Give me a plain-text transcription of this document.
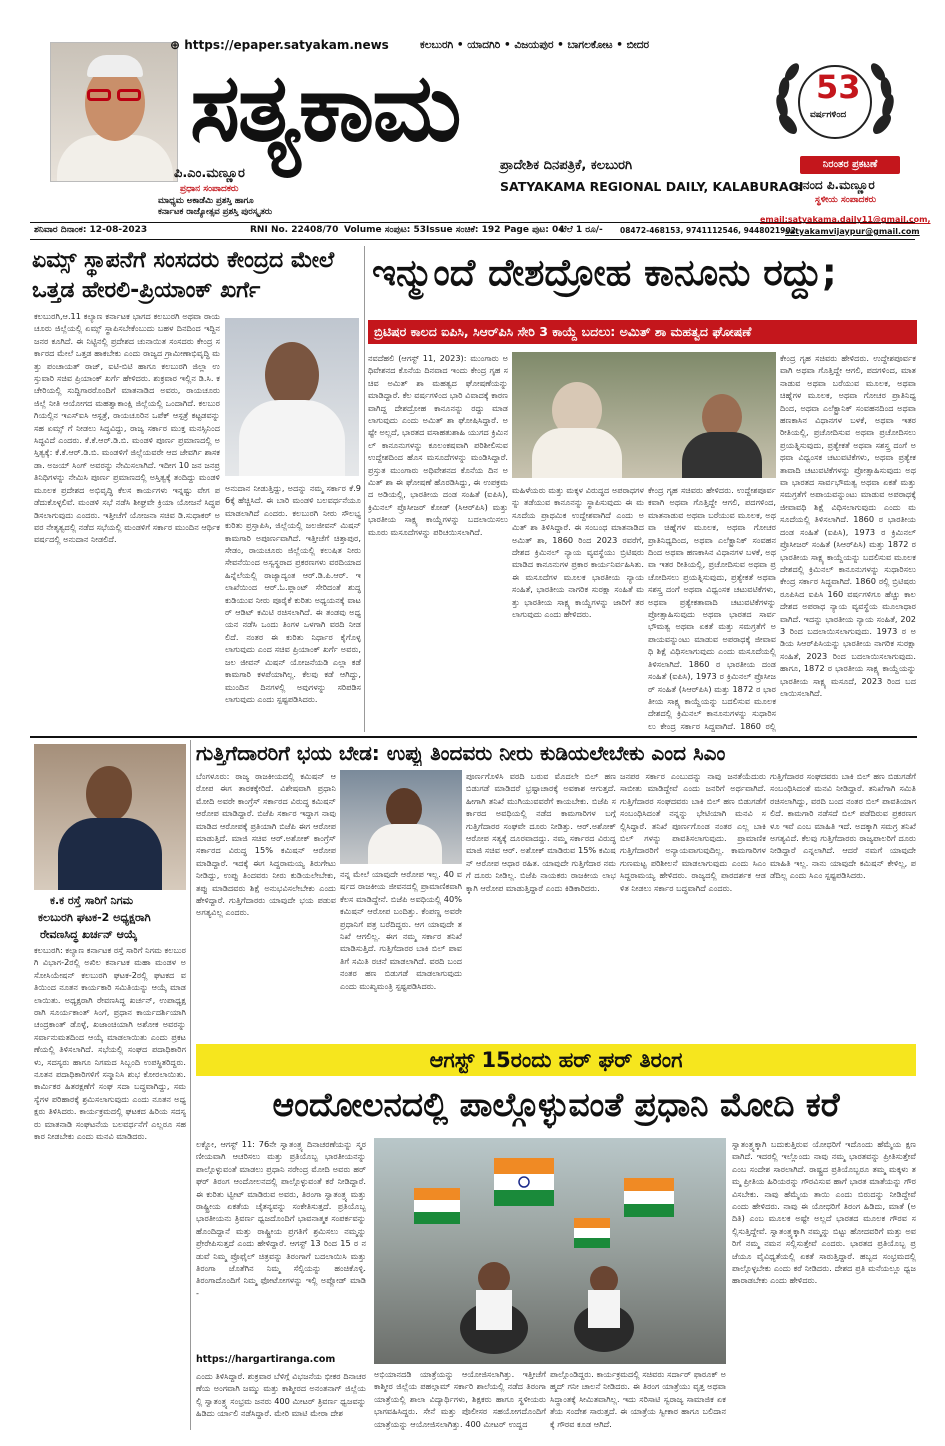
⊕ https://epaper.satyakam.news	ಕಲಬುರಗಿ • ಯಾದಗಿರಿ • ವಿಜಯಪುರ • ಬಾಗಲಕೋಟ • ಬೀದರ
ಸತ್ಯಕಾಮ
ಪ್ರಾದೇಶಿಕ ದಿನಪತ್ರಿಕೆ, ಕಲಬುರಗಿ
SATYAKAMA REGIONAL DAILY, KALABURAGI
ಪಿ.ಎಂ.ಮಣ್ಣೂರ
ಪ್ರಧಾನ ಸಂಪಾದಕರು
ಮಾಧ್ಯಮ ಅಕಾಡೆಮಿ ಪ್ರಶಸ್ತಿ ಹಾಗೂ
ಕರ್ನಾಟಕ ರಾಜ್ಯೋತ್ಸವ ಪ್ರಶಸ್ತಿ ಪುರಸ್ಕೃತರು
53
ವರ್ಷಗಳಿಂದ
ನಿರಂತರ ಪ್ರಕಟಣೆ
ಆನಂದ ಪಿ.ಮಣ್ಣೂರ
ಸ್ಥಳೀಯ ಸಂಪಾದಕರು
email:satyakama.daily11@gmail.com,
satyakamvijaypur@gmail.com
ಶನಿವಾರ ದಿನಾಂಕ: 12-08-2023	RNI No. 22408/70 Volume ಸಂಪುಟ: 53 Issue ಸಂಚಿಕೆ: 192 Page ಪುಟ: 04
ಬೆಲೆ 1 ರೂ/- 08472-468153, 9741112546, 9448021902
ಏಮ್ಸ್ ಸ್ಥಾಪನೆಗೆ ಸಂಸದರು ಕೇಂದ್ರದ ಮೇಲೆ ಒತ್ತಡ ಹೇರಲಿ-ಪ್ರಿಯಾಂಕ್ ಖರ್ಗೆ
ಕಲಬುರಗಿ,ಆ.11 ಕಲ್ಯಾಣ ಕರ್ನಾಟಕ ಭಾಗದ ಕಲಬುರಗಿ ಅಥವಾ ರಾಯಚೂರು ಜಿಲ್ಲೆಯಲ್ಲಿ ಏಮ್ಸ್ ಸ್ಥಾಪಿಸಬೇಕೆಂಬುದು ಬಹಳ ದಿನದಿಂದ ಇದ್ದಿನ ಜನರ ಕೂಗಿದೆ. ಈ ನಿಟ್ಟಿನಲ್ಲಿ ಪ್ರದೇಶದ ಚುನಾಯಿತ ಸಂಸದರು ಕೇಂದ್ರ ಸರ್ಕಾರದ ಮೇಲೆ ಒತ್ತಡ ಹಾಕಬೇಕು ಎಂದು ರಾಜ್ಯದ ಗ್ರಾಮೀಣಾಭಿವೃದ್ಧಿ ಮತ್ತು ಪಂಚಾಯತ್ ರಾಜ್, ಐಟಿ-ಬಿಟಿ ಹಾಗೂ ಕಲಬುರಗಿ ಜಿಲ್ಲಾ ಉಸ್ತುವಾರಿ ಸಚಿವ ಪ್ರಿಯಾಂಕ್ ಖರ್ಗೆ ಹೇಳಿದರು. ಶುಕ್ರವಾರ ಇಲ್ಲಿನ ಡಿ.ಸಿ. ಕಚೇರಿಯಲ್ಲಿ ಸುದ್ದಿಗಾರರೊಂದಿಗೆ ಮಾತನಾಡಿದ ಅವರು, ರಾಯಚೂರು ಜಿಲ್ಲೆ ನೀತಿ ಆಯೋಗದ ಮಹತ್ವಾಕಾಂಕ್ಷಿ ಜಿಲ್ಲೆಯಲ್ಲಿ ಒಂದಾಗಿದೆ. ಕಲಬುರಗಿಯಲ್ಲಿನ ಇಎಸ್‍ಐಸಿ ಆಸ್ಪತ್ರೆ, ರಾಯಚೂರಿನ ಒಪೆಕ್ ಆಸ್ಪತ್ರೆ ಕಟ್ಟಡವನ್ನು ಸಹ ಏಮ್ಸ್ ಗೆ ನೀಡಲು ಸಿದ್ಧವಿದ್ದು, ರಾಜ್ಯ ಸರ್ಕಾರ ಮುಕ್ತ ಮನಸ್ಸಿನಿಂದ ಸಿದ್ಧವಿದೆ ಎಂದರು. ಕೆ.ಕೆ.ಆರ್.ಡಿ.ಬಿ. ಮಂಡಳಿ ಪೂರ್ಣ ಪ್ರಮಾಣದಲ್ಲಿ ಅಸ್ತಿತ್ವಕ್ಕೆ: ಕೆ.ಕೆ.ಆರ್.ಡಿ.ಬಿ. ಮಂಡಳಿಗೆ ಜಿಲ್ಲೆಯವರೇ ಆದ ಜೇವರ್ಗಿ ಶಾಸಕ ಡಾ. ಅಜಯ್ ಸಿಂಗ್ ಅವರನ್ನು ನೇಮಿಸಲಾಗಿದೆ. ಇದೀಗ 10 ಜನ ಜನಪ್ರತಿನಿಧಿಗಳನ್ನು ನೇಮಿಸಿ ಪೂರ್ಣ ಪ್ರಮಾಣದಲ್ಲಿ ಅಸ್ತಿತ್ವಕ್ಕೆ ತಂದಿದ್ದು ಮಂಡಳಿ ಮೂಲಕ ಪ್ರದೇಶದ ಅಭಿವೃದ್ಧಿ ಕೆಲಸ ಕಾರ್ಯಗಳು ಇನ್ನಷ್ಟು ವೇಗ ಪಡೆದುಕೊಳ್ಳಲಿವೆ. ಮಂಡಳಿ ಸಭೆ ನಡೆಸಿ ಶೀಘ್ರವೇ ಕ್ರಿಯಾ ಯೋಜನೆ ಸಿದ್ಧಪಡಿಸಲಾಗುವುದು ಎಂದರು. ಇತ್ತೀಚೆಗೆ ಯೋಜನಾ ಸಚಿವ ಡಿ.ಸುಧಾಕರ್ ಅವರ ನೇತೃತ್ವದಲ್ಲಿ ನಡೆದ ಸಭೆಯಲ್ಲಿ ಮಂಡಳಿಗೆ ಸರ್ಕಾರ ಮುಂದಿನ ಆರ್ಥಿಕ ವರ್ಷದಲ್ಲಿ ಅನುದಾನ ನೀಡಲಿದೆ.
ಅನುದಾನ ನೀಡುತ್ತಿದ್ದು, ಅದನ್ನು ನಮ್ಮ ಸರ್ಕಾರ ಕೆ.96ಕ್ಕೆ ಹೆಚ್ಚಿಸಿದೆ. ಈ ಬಾರಿ ಮಂಡಳಿ ಬಲವರ್ಧನೆಯೂ ಮಾಡಲಾಗಿದೆ ಎಂದರು. ಕಲಬುರಗಿ ನೀರು ಸೌಲಭ್ಯ ಕುರಿತು ಪ್ರಸ್ತಾಪಿಸಿ, ಜಿಲ್ಲೆಯಲ್ಲಿ ಜಲಜೀವನ್ ಮಿಷನ್ ಕಾಮಗಾರಿ ಅಪೂರ್ಣವಾಗಿದೆ. ಇತ್ತೀಚೆಗೆ ಚಿತ್ತಾಪುರ, ಸೇಡಂ, ರಾಯಚೂರು ಜಿಲ್ಲೆಯಲ್ಲಿ ಕಲುಷಿತ ನೀರು ಸೇವನೆಯಿಂದ ಅಸ್ವಸ್ಥರಾದ ಪ್ರಕರಣಗಳು ವರದಿಯಾದ ಹಿನ್ನೆಲೆಯಲ್ಲಿ ರಾಜ್ಯಾದ್ಯಂತ ಆರ್.ಡಿ.ಪಿ.ಆರ್. ಇಲಾಖೆಯಿಂದ ಆರ್.ಓ.ಪ್ಲಾಂಟ್ ಸೇರಿದಂತೆ ಶುದ್ಧ ಕುಡಿಯುವ ನೀರು ಪೂರೈಕೆ ಕುರಿತು ಅಧ್ಯಯನಕ್ಕೆ ವಾಟರ್ ಆಡಿಟ್ ಕಮಿಟಿ ರಚಿಸಲಾಗಿದೆ. ಈ ತಂಡವು ಅಧ್ಯಯನ ನಡೆಸಿ ಒಂದು ತಿಂಗಳ ಒಳಗಾಗಿ ವರದಿ ನೀಡಲಿದೆ. ನಂತರ ಈ ಕುರಿತು ನಿರ್ಧಾರ ಕೈಗೊಳ್ಳಲಾಗುವುದು ಎಂದ ಸಚಿವ ಪ್ರಿಯಾಂಕ್ ಖರ್ಗೆ ಅವರು, ಜಲ ಜೀವನ್ ಮಿಷನ್ ಯೋಜನೆಯಡಿ ಎಲ್ಲಾ ಕಡೆ ಕಾಮಗಾರಿ ಕಳಪೆಯಾಗಿಲ್ಲ. ಕೆಲವು ಕಡೆ ಆಗಿದ್ದು, ಮುಂದಿನ ದಿನಗಳಲ್ಲಿ ಅವುಗಳನ್ನು ಸರಿಪಡಿಸಲಾಗುವುದು ಎಂದು ಸ್ಪಷ್ಟಪಡಿಸಿದರು.
ಇನ್ಮುಂದೆ ದೇಶದ್ರೋಹ ಕಾನೂನು ರದ್ದು;
ಬ್ರಿಟಿಷರ ಕಾಲದ ಐಪಿಸಿ, ಸಿಆರ್‌ಪಿಸಿ ಸೇರಿ 3 ಕಾಯ್ದೆ ಬದಲು: ಅಮಿತ್ ಶಾ ಮಹತ್ವದ ಘೋಷಣೆ
ನವದೆಹಲಿ (ಆಗಸ್ಟ್ 11, 2023): ಮುಂಗಾರು ಅಧಿವೇಶನದ ಕೊನೆಯ ದಿನವಾದ ಇಂದು ಕೇಂದ್ರ ಗೃಹ ಸಚಿವ ಅಮಿತ್ ಶಾ ಮಹತ್ವದ ಘೋಷಣೆಯನ್ನು ಮಾಡಿದ್ದಾರೆ. ಕೆಲ ವರ್ಷಗಳಿಂದ ಭಾರಿ ವಿವಾದಕ್ಕೆ ಕಾರಣವಾಗಿದ್ದ ದೇಶದ್ರೋಹ ಕಾನೂನನ್ನು ರದ್ದು ಮಾಡಲಾಗುವುದು ಎಂದು ಅಮಿತ್ ಶಾ ಘೋಷಿಸಿದ್ದಾರೆ. ಅಷ್ಟೇ ಅಲ್ಲದೆ, ಭಾರತದ ವಸಾಹತುಶಾಹಿ ಯುಗದ ಕ್ರಿಮಿನಲ್ ಕಾನೂನುಗಳನ್ನು ಕೂಲಂಕಷವಾಗಿ ಪರಿಶೀಲಿಸುವ ಉದ್ದೇಶದಿಂದ ಹೊಸ ಮಸೂದೆಗಳನ್ನು ಮಂಡಿಸಿದ್ದಾರೆ. ಪ್ರಸ್ತುತ ಮುಂಗಾರು ಅಧಿವೇಶನದ ಕೊನೆಯ ದಿನ ಅಮಿತ್ ಶಾ ಈ ಘೋಷಣೆ ಹೊರಡಿಸಿದ್ದು, ಈ ಉಪಕ್ರಮದ ಅಡಿಯಲ್ಲಿ, ಭಾರತೀಯ ದಂಡ ಸಂಹಿತೆ (ಐಪಿಸಿ), ಕ್ರಿಮಿನಲ್ ಪ್ರೊಸೀಜರ್ ಕೋಡ್ (ಸಿಆರ್‌ಪಿಸಿ) ಮತ್ತು ಭಾರತೀಯ ಸಾಕ್ಷ್ಯ ಕಾಯ್ದೆಗಳನ್ನು ಬದಲಾಯಿಸಲು ಮೂರು ಮಸೂದೆಗಳನ್ನು ಪರಿಚಯಿಸಲಾಗಿದೆ.
ಮಹಿಳೆಯರು ಮತ್ತು ಮಕ್ಕಳ ವಿರುದ್ಧದ ಅಪರಾಧಗಳನ್ನು ತಡೆಯುವ ಕಾನೂನನ್ನು ಸ್ಥಾಪಿಸುವುದು ಈ ಮಸೂದೆಯ ಪ್ರಾಥಮಿಕ ಉದ್ದೇಶವಾಗಿದೆ ಎಂದು ಅಮಿತ್ ಶಾ ತಿಳಿಸಿದ್ದಾರೆ. ಈ ಸಂಬಂಧ ಮಾತನಾಡಿದ ಅಮಿತ್ ಶಾ, 1860 ರಿಂದ 2023 ರವರೆಗೆ, ದೇಶದ ಕ್ರಿಮಿನಲ್ ನ್ಯಾಯ ವ್ಯವಸ್ಥೆಯು ಬ್ರಿಟಿಷರು ಮಾಡಿದ ಕಾನೂನುಗಳ ಪ್ರಕಾರ ಕಾರ್ಯನಿರ್ವಹಿಸಿತು. ಈ ಮಸೂದೆಗಳ ಮೂಲಕ ಭಾರತೀಯ ನ್ಯಾಯ ಸಂಹಿತೆ, ಭಾರತೀಯ ನಾಗರಿಕ ಸುರಕ್ಷಾ ಸಂಹಿತೆ ಮತ್ತು ಭಾರತೀಯ ಸಾಕ್ಷ್ಯ ಕಾಯ್ದೆಗಳನ್ನು ಜಾರಿಗೆ ತರಲಾಗುವುದು ಎಂದು ಹೇಳಿದರು.
ಕೇಂದ್ರ ಗೃಹ ಸಚಿವರು ಹೇಳಿದರು. ಉದ್ದೇಶಪೂರ್ವಕವಾಗಿ ಅಥವಾ ಗೊತ್ತಿದ್ದೇ ಆಗಲಿ, ಪದಗಳಿಂದ, ಮಾತನಾಡುವ ಅಥವಾ ಬರೆಯುವ ಮೂಲಕ, ಅಥವಾ ಚಿಹ್ನೆಗಳ ಮೂಲಕ, ಅಥವಾ ಗೋಚರ ಪ್ರಾತಿನಿಧ್ಯದಿಂದ, ಅಥವಾ ಎಲೆಕ್ಟ್ರಾನಿಕ್ ಸಂವಹನದಿಂದ ಅಥವಾ ಹಣಕಾಸಿನ ವಿಧಾನಗಳ ಬಳಕೆ, ಅಥವಾ ಇತರ ರೀತಿಯಲ್ಲಿ, ಪ್ರಚೋದಿಸುವ ಅಥವಾ ಪ್ರಚೋದಿಸಲು ಪ್ರಯತ್ನಿಸುವುದು, ಪ್ರತ್ಯೇಕತೆ ಅಥವಾ ಸಶಸ್ತ್ರ ದಂಗೆ ಅಥವಾ ವಿಧ್ವಂಸಕ ಚಟುವಟಿಕೆಗಳು, ಅಥವಾ ಪ್ರತ್ಯೇಕತಾವಾದಿ ಚಟುವಟಿಕೆಗಳನ್ನು ಪ್ರೋತ್ಸಾಹಿಸುವುದು ಅಥವಾ ಭಾರತದ ಸಾರ್ವಭೌಮತ್ವ ಅಥವಾ ಏಕತೆ ಮತ್ತು ಸಮಗ್ರತೆಗೆ ಅಪಾಯವನ್ನುಂಟು ಮಾಡುವ ಅಪರಾಧಕ್ಕೆ ಜೀವಾವಧಿ ಶಿಕ್ಷೆ ವಿಧಿಸಲಾಗುವುದು ಎಂದು ಮಸೂದೆಯಲ್ಲಿ ತಿಳಿಸಲಾಗಿದೆ. 1860 ರ ಭಾರತೀಯ ದಂಡ ಸಂಹಿತೆ (ಐಪಿಸಿ), 1973 ರ ಕ್ರಿಮಿನಲ್ ಪ್ರೊಸೀಜರ್ ಸಂಹಿತೆ (ಸಿಆರ್‌ಪಿಸಿ) ಮತ್ತು 1872 ರ ಭಾರತೀಯ ಸಾಕ್ಷ್ಯ ಕಾಯ್ದೆಯನ್ನು ಬದಲಿಸುವ ಮೂಲಕ ದೇಶದಲ್ಲಿ ಕ್ರಿಮಿನಲ್ ಕಾನೂನುಗಳನ್ನು ಸುಧಾರಿಸಲು ಕೇಂದ್ರ ಸರ್ಕಾರ ಸಿದ್ಧವಾಗಿದೆ. 1860 ರಲ್ಲಿ
ಕೇಂದ್ರ ಗೃಹ ಸಚಿವರು ಹೇಳಿದರು. ಉದ್ದೇಶಪೂರ್ವಕವಾಗಿ ಅಥವಾ ಗೊತ್ತಿದ್ದೇ ಆಗಲಿ, ಪದಗಳಿಂದ, ಮಾತನಾಡುವ ಅಥವಾ ಬರೆಯುವ ಮೂಲಕ, ಅಥವಾ ಚಿಹ್ನೆಗಳ ಮೂಲಕ, ಅಥವಾ ಗೋಚರ ಪ್ರಾತಿನಿಧ್ಯದಿಂದ, ಅಥವಾ ಎಲೆಕ್ಟ್ರಾನಿಕ್ ಸಂವಹನದಿಂದ ಅಥವಾ ಹಣಕಾಸಿನ ವಿಧಾನಗಳ ಬಳಕೆ, ಅಥವಾ ಇತರ ರೀತಿಯಲ್ಲಿ, ಪ್ರಚೋದಿಸುವ ಅಥವಾ ಪ್ರಚೋದಿಸಲು ಪ್ರಯತ್ನಿಸುವುದು, ಪ್ರತ್ಯೇಕತೆ ಅಥವಾ ಸಶಸ್ತ್ರ ದಂಗೆ ಅಥವಾ ವಿಧ್ವಂಸಕ ಚಟುವಟಿಕೆಗಳು, ಅಥವಾ ಪ್ರತ್ಯೇಕತಾವಾದಿ ಚಟುವಟಿಕೆಗಳನ್ನು ಪ್ರೋತ್ಸಾಹಿಸುವುದು ಅಥವಾ ಭಾರತದ ಸಾರ್ವಭೌಮತ್ವ ಅಥವಾ ಏಕತೆ ಮತ್ತು ಸಮಗ್ರತೆಗೆ ಅಪಾಯವನ್ನುಂಟು ಮಾಡುವ ಅಪರಾಧಕ್ಕೆ ಜೀವಾವಧಿ ಶಿಕ್ಷೆ ವಿಧಿಸಲಾಗುವುದು ಎಂದು ಮಸೂದೆಯಲ್ಲಿ ತಿಳಿಸಲಾಗಿದೆ. 1860 ರ ಭಾರತೀಯ ದಂಡ ಸಂಹಿತೆ (ಐಪಿಸಿ), 1973 ರ ಕ್ರಿಮಿನಲ್ ಪ್ರೊಸೀಜರ್ ಸಂಹಿತೆ (ಸಿಆರ್‌ಪಿಸಿ) ಮತ್ತು 1872 ರ ಭಾರತೀಯ ಸಾಕ್ಷ್ಯ ಕಾಯ್ದೆಯನ್ನು ಬದಲಿಸುವ ಮೂಲಕ ದೇಶದಲ್ಲಿ ಕ್ರಿಮಿನಲ್ ಕಾನೂನುಗಳನ್ನು ಸುಧಾರಿಸಲು ಕೇಂದ್ರ ಸರ್ಕಾರ ಸಿದ್ಧವಾಗಿದೆ. 1860 ರಲ್ಲಿ ಬ್ರಿಟಿಷರು ರೂಪಿಸಿದ ಐಪಿಸಿ 160 ವರ್ಷಗಳಿಗೂ ಹೆಚ್ಚು ಕಾಲ ದೇಶದ ಅಪರಾಧ ನ್ಯಾಯ ವ್ಯವಸ್ಥೆಯ ಮೂಲಾಧಾರವಾಗಿದೆ. ಇದನ್ನು ಭಾರತೀಯ ನ್ಯಾಯ ಸಂಹಿತೆ, 2023 ರಿಂದ ಬದಲಾಯಿಸಲಾಗುವುದು. 1973 ರ ಅಡಿಯ ಸಿಆರ್‌ಪಿಸಿಯನ್ನು ಭಾರತೀಯ ನಾಗರಿಕ ಸುರಕ್ಷಾ ಸಂಹಿತೆ, 2023 ರಿಂದ ಬದಲಾಯಿಸಲಾಗುವುದು. ಹಾಗೂ, 1872 ರ ಭಾರತೀಯ ಸಾಕ್ಷ್ಯ ಕಾಯ್ದೆಯನ್ನು ಭಾರತೀಯ ಸಾಕ್ಷ್ಯ ಮಸೂದೆ, 2023 ರಿಂದ ಬದಲಾಯಿಸಲಾಗಿದೆ.
ಕ.ಕ ರಸ್ತೆ ಸಾರಿಗೆ ನಿಗಮ
ಕಲಬುರಗಿ ಘಟಕ-2 ಅಧ್ಯಕ್ಷರಾಗಿ
ರೇವಣಸಿದ್ಧ ಖರ್ಚನ್ ಆಯ್ಕೆ
ಕಲಬುರಗಿ: ಕಲ್ಯಾಣ ಕರ್ನಾಟಕ ರಸ್ತೆ ಸಾರಿಗೆ ನಿಗಮ ಕಲಬುರಗಿ ವಿಭಾಗ-2ರಲ್ಲಿ ಅಖಿಲ ಕರ್ನಾಟಕ ಮಹಾ ಮಂಡಳ ಅಸೋಸಿಯೇಷನ್ ಕಲಬುರಗಿ ಘಟಕ-2ರಲ್ಲಿ ಘಟಕದ ವತಿಯಿಂದ ನೂತನ ಕಾರ್ಯಕಾರಿ ಸಮಿತಿಯನ್ನು ಆಯ್ಕೆ ಮಾಡಲಾಯಿತು. ಅಧ್ಯಕ್ಷರಾಗಿ ರೇವಣಸಿದ್ಧ ಖರ್ಚನ್, ಉಪಾಧ್ಯಕ್ಷರಾಗಿ ಸೂರ್ಯಕಾಂತ್ ಸಿಂಗೆ, ಪ್ರಧಾನ ಕಾರ್ಯದರ್ಶಿಯಾಗಿ ಚಂದ್ರಕಾಂತ್ ಡೊಳ್ಳೆ, ಖಜಾಂಚಿಯಾಗಿ ಅಶೋಕ ಅವರನ್ನು ಸರ್ವಾನುಮತದಿಂದ ಆಯ್ಕೆ ಮಾಡಲಾಯಿತು ಎಂದು ಪ್ರಕಟಣೆಯಲ್ಲಿ ತಿಳಿಸಲಾಗಿದೆ. ಸಭೆಯಲ್ಲಿ ಸಂಘದ ಪದಾಧಿಕಾರಿಗಳು, ಸದಸ್ಯರು ಹಾಗೂ ನಿಗಮದ ಸಿಬ್ಬಂದಿ ಉಪಸ್ಥಿತರಿದ್ದರು. ನೂತನ ಪದಾಧಿಕಾರಿಗಳಿಗೆ ಸನ್ಮಾನಿಸಿ ಶುಭ ಕೋರಲಾಯಿತು. ಕಾರ್ಮಿಕರ ಹಿತರಕ್ಷಣೆಗೆ ಸಂಘ ಸದಾ ಬದ್ಧವಾಗಿದ್ದು, ಸಮಸ್ಯೆಗಳ ಪರಿಹಾರಕ್ಕೆ ಶ್ರಮಿಸಲಾಗುವುದು ಎಂದು ನೂತನ ಅಧ್ಯಕ್ಷರು ತಿಳಿಸಿದರು. ಕಾರ್ಯಕ್ರಮದಲ್ಲಿ ಘಟಕದ ಹಿರಿಯ ಸದಸ್ಯರು ಮಾತನಾಡಿ ಸಂಘಟನೆಯ ಬಲವರ್ಧನೆಗೆ ಎಲ್ಲರೂ ಸಹಕಾರ ನೀಡಬೇಕು ಎಂದು ಮನವಿ ಮಾಡಿದರು.
ಗುತ್ತಿಗೆದಾರರಿಗೆ ಭಯ ಬೇಡ: ಉಪ್ಪು ತಿಂದವರು ನೀರು ಕುಡಿಯಲೇಬೇಕು ಎಂದ ಸಿಎಂ
ಬೆಂಗಳೂರು: ರಾಜ್ಯ ರಾಜಕೀಯದಲ್ಲಿ ಕಮಿಷನ್ ಆರೋಪ ಈಗ ತಾರಕಕ್ಕೇರಿದೆ. ವಿಶೇಷವಾಗಿ ಪ್ರಧಾನಿ ಮೋದಿ ಅವರೇ ಕಾಂಗ್ರೆಸ್ ಸರ್ಕಾರದ ವಿರುದ್ಧ ಕಮಿಷನ್ ಆರೋಪ ಮಾಡಿದ್ದಾರೆ. ಬಿಜೆಪಿ ಸರ್ಕಾರ ಇದ್ದಾಗ ನಾವು ಮಾಡಿದ ಆರೋಪಕ್ಕೆ ಪ್ರತಿಯಾಗಿ ಬಿಜೆಪಿ ಈಗ ಆರೋಪ ಮಾಡುತ್ತಿದೆ. ಮಾಜಿ ಸಚಿವ ಆರ್.ಅಶೋಕ್ ಕಾಂಗ್ರೆಸ್ ಸರ್ಕಾರದ ವಿರುದ್ಧ 15% ಕಮಿಷನ್ ಆರೋಪ ಮಾಡಿದ್ದಾರೆ. ಇದಕ್ಕೆ ಈಗ ಸಿದ್ದರಾಮಯ್ಯ ತಿರುಗೇಟು ನೀಡಿದ್ದು, ಉಪ್ಪು ತಿಂದವರು ನೀರು ಕುಡಿಯಲೇಬೇಕು, ತಪ್ಪು ಮಾಡಿದವರು ಶಿಕ್ಷೆ ಅನುಭವಿಸಲೇಬೇಕು ಎಂದು ಹೇಳಿದ್ದಾರೆ. ಗುತ್ತಿಗೆದಾರರು ಯಾವುದೇ ಭಯ ಪಡುವ ಅಗತ್ಯವಿಲ್ಲ ಎಂದರು.
ನನ್ನ ಮೇಲೆ ಯಾವುದೇ ಆರೋಪ ಇಲ್ಲ. 40 ವರ್ಷದ ರಾಜಕೀಯ ಜೀವನದಲ್ಲಿ ಪ್ರಾಮಾಣಿಕವಾಗಿ ಕೆಲಸ ಮಾಡಿದ್ದೇನೆ. ಬಿಜೆಪಿ ಅವಧಿಯಲ್ಲಿ 40% ಕಮಿಷನ್ ಆರೋಪ ಬಂದಿತ್ತು. ಕೆಂಪಣ್ಣ ಅವರೇ ಪ್ರಧಾನಿಗೆ ಪತ್ರ ಬರೆದಿದ್ದರು. ಆಗ ಯಾವುದೇ ತನಿಖೆ ಆಗಲಿಲ್ಲ. ಈಗ ನಮ್ಮ ಸರ್ಕಾರ ತನಿಖೆ ಮಾಡಿಸುತ್ತಿದೆ. ಗುತ್ತಿಗೆದಾರರ ಬಾಕಿ ಬಿಲ್ ಪಾವತಿಗೆ ಸಮಿತಿ ರಚನೆ ಮಾಡಲಾಗಿದೆ. ವರದಿ ಬಂದ ನಂತರ ಹಣ ಬಿಡುಗಡೆ ಮಾಡಲಾಗುವುದು ಎಂದು ಮುಖ್ಯಮಂತ್ರಿ ಸ್ಪಷ್ಟಪಡಿಸಿದರು.
ಪೂರ್ಣಗೊಳಿಸಿ ವರದಿ ಬರುವ ಮೊದಲೇ ಬಿಲ್ ಹಣ ಬಿಡುಗಡೆ ಮಾಡಿದರೆ ಭ್ರಷ್ಟಾಚಾರಕ್ಕೆ ಅವಕಾಶ ಆಗುತ್ತದೆ. ಹೀಗಾಗಿ ತನಿಖೆ ಮುಗಿಯುವವರೆಗೆ ಕಾಯಬೇಕು. ಬಿಜೆಪಿ ಸರ್ಕಾರದ ಅವಧಿಯಲ್ಲಿ ನಡೆದ ಕಾಮಗಾರಿಗಳ ಬಗ್ಗೆ ಗುತ್ತಿಗೆದಾರರ ಸಂಘವೇ ದೂರು ನೀಡಿತ್ತು. ಆರ್.ಅಶೋಕ್ ಆರೋಪ ಸತ್ಯಕ್ಕೆ ದೂರವಾದದ್ದು. ನಮ್ಮ ಸರ್ಕಾರದ ವಿರುದ್ಧ ಮಾಜಿ ಸಚಿವ ಆರ್. ಅಶೋಕ್ ಮಾಡಿರುವ 15% ಕಮಿಷನ್ ಆರೋಪ ಆಧಾರ ರಹಿತ. ಯಾವುದೇ ಗುತ್ತಿಗೆದಾರ ನಮಗೆ ದೂರು ನೀಡಿಲ್ಲ. ಬಿಜೆಪಿ ನಾಯಕರು ರಾಜಕೀಯ ಲಾಭಕ್ಕಾಗಿ ಆರೋಪ ಮಾಡುತ್ತಿದ್ದಾರೆ ಎಂದು ಕಿಡಿಕಾರಿದರು.
ಜನಪರ ಸರ್ಕಾರ ಎಂಬುದನ್ನು ನಾವು ಜನತೆಯೆದುರು ಸಾಬೀತು ಮಾಡಿದ್ದೇವೆ ಎಂದು ಜನರಿಗೆ ಅರ್ಥವಾಗಿದೆ. ಗುತ್ತಿಗೆದಾರರ ಸಂಘದವರು ಬಾಕಿ ಬಿಲ್ ಹಣ ಬಿಡುಗಡೆಗೆ ಸಂಬಂಧಿಸಿದಂತೆ ನನ್ನನ್ನು ಭೇಟಿಯಾಗಿ ಮನವಿ ಸಲ್ಲಿಸಿದ್ದಾರೆ. ತನಿಖೆ ಪೂರ್ಣಗೊಂಡ ನಂತರ ಎಲ್ಲ ಬಾಕಿ ಬಿಲ್ ಗಳನ್ನು ಪಾವತಿಸಲಾಗುವುದು. ಪ್ರಾಮಾಣಿಕ ಗುತ್ತಿಗೆದಾರರಿಗೆ ಅನ್ಯಾಯವಾಗುವುದಿಲ್ಲ. ಕಾಮಗಾರಿಗಳ ಗುಣಮಟ್ಟ ಪರಿಶೀಲನೆ ಮಾಡಲಾಗುವುದು ಎಂದು ಸಿಎಂ ಸಿದ್ದರಾಮಯ್ಯ ಹೇಳಿದರು. ರಾಜ್ಯದಲ್ಲಿ ಪಾರದರ್ಶಕ ಆಡಳಿತ ನೀಡಲು ಸರ್ಕಾರ ಬದ್ಧವಾಗಿದೆ ಎಂದರು.
ಗುತ್ತಿಗೆದಾರರ ಸಂಘದವರು ಬಾಕಿ ಬಿಲ್ ಹಣ ಬಿಡುಗಡೆಗೆ ಸಂಬಂಧಿಸಿದಂತೆ ಮನವಿ ನೀಡಿದ್ದಾರೆ. ತನಿಖೆಗಾಗಿ ಸಮಿತಿ ರಚಿಸಲಾಗಿದ್ದು, ವರದಿ ಬಂದ ನಂತರ ಬಿಲ್ ಪಾವತಿಯಾಗಲಿದೆ. ಕಾಮಗಾರಿ ನಡೆಸದೆ ಬಿಲ್ ಪಡೆದಿರುವ ಪ್ರಕರಣಗಳೂ ಇವೆ ಎಂಬ ಮಾಹಿತಿ ಇದೆ. ಅದಕ್ಕಾಗಿ ಸಮಗ್ರ ತನಿಖೆ ಅಗತ್ಯವಿದೆ. ಕೆಲವು ಗುತ್ತಿಗೆದಾರರು ರಾಜ್ಯಪಾಲರಿಗೆ ದೂರು ನೀಡಿದ್ದಾರೆ ಎನ್ನಲಾಗಿದೆ. ಆದರೆ ನಮಗೆ ಯಾವುದೇ ಮಾಹಿತಿ ಇಲ್ಲ. ನಾನು ಯಾವುದೇ ಕಮಿಷನ್ ಕೇಳಿಲ್ಲ, ಪಡೆದಿಲ್ಲ ಎಂದು ಸಿಎಂ ಸ್ಪಷ್ಟಪಡಿಸಿದರು.
ಆಗಸ್ಟ್ 15ರಂದು ಹರ್ ಘರ್ ತಿರಂಗ
ಆಂದೋಲನದಲ್ಲಿ ಪಾಲ್ಗೊಳ್ಳುವಂತೆ ಪ್ರಧಾನಿ ಮೋದಿ ಕರೆ
ಲಕ್ನೋ, ಆಗಸ್ಟ್ 11: 76ನೇ ಸ್ವಾತಂತ್ರ್ಯ ದಿನಾಚರಣೆಯನ್ನು ಸ್ಮರಣೀಯವಾಗಿ ಆಚರಿಸಲು ಮತ್ತು ಪ್ರತಿಯೊಬ್ಬ ಭಾರತೀಯನನ್ನು ಪಾಲ್ಗೊಳ್ಳುವಂತೆ ಮಾಡಲು ಪ್ರಧಾನಿ ನರೇಂದ್ರ ಮೋದಿ ಅವರು ಹರ್ ಘರ್ ತಿರಂಗ ಆಂದೋಲನದಲ್ಲಿ ಪಾಲ್ಗೊಳ್ಳುವಂತೆ ಕರೆ ನೀಡಿದ್ದಾರೆ. ಈ ಕುರಿತು ಟ್ವೀಟ್ ಮಾಡಿರುವ ಅವರು, ತಿರಂಗಾ ಸ್ವಾತಂತ್ರ್ಯ ಮತ್ತು ರಾಷ್ಟ್ರೀಯ ಏಕತೆಯ ಚೈತನ್ಯವನ್ನು ಸಂಕೇತಿಸುತ್ತದೆ. ಪ್ರತಿಯೊಬ್ಬ ಭಾರತೀಯನು ತ್ರಿವರ್ಣ ಧ್ವಜದೊಂದಿಗೆ ಭಾವನಾತ್ಮಕ ಸಂಪರ್ಕವನ್ನು ಹೊಂದಿದ್ದಾನೆ ಮತ್ತು ರಾಷ್ಟ್ರೀಯ ಪ್ರಗತಿಗೆ ಶ್ರಮಿಸಲು ನಮ್ಮನ್ನು ಪ್ರೇರೇಪಿಸುತ್ತದೆ ಎಂದು ಹೇಳಿದ್ದಾರೆ. ಆಗಸ್ಟ್ 13 ರಿಂದ 15 ರ ನಡುವೆ ನಿಮ್ಮ ಪ್ರೊಫೈಲ್ ಚಿತ್ರವನ್ನು ತಿರಂಗಾಗೆ ಬದಲಾಯಿಸಿ ಮತ್ತು ತಿರಂಗಾ ಜೊತೆಗಿನ ನಿಮ್ಮ ಸೆಲ್ಫಿಯನ್ನು ಹಂಚಿಕೊಳ್ಳಿ. ತಿರಂಗಾದೊಂದಿಗೆ ನಿಮ್ಮ ಫೋಟೋಗಳನ್ನು ಇಲ್ಲಿ ಅಪ್ಲೋಡ್ ಮಾಡಿ -
https://hargartiranga.com
ಎಂದು ತಿಳಿಸಿದ್ದಾರೆ. ಶುಕ್ರವಾರ ಬೆಳಿಗ್ಗೆ ವಿಭಜನೆಯ ಭೀಕರ ದಿನಾಚರಣೆಯ ಅಂಗವಾಗಿ ಜಮ್ಮು ಮತ್ತು ಕಾಶ್ಮೀರದ ಅನಂತನಾಗ್ ಜಿಲ್ಲೆಯಲ್ಲಿ ಸ್ವಾತಂತ್ರ್ಯ ಸಂಭ್ರಮ ಜನರು 400 ಮೀಟರ್ ತ್ರಿವರ್ಣ ಧ್ವಜವನ್ನು ಹಿಡಿದು ರ್ಯಾಲಿ ನಡೆಸಿದ್ದಾರೆ. ಮೇರಿ ಮಾಟಿ ಮೇರಾ ದೇಶ
ಅಭಿಯಾನದಡಿ ಯಾತ್ರೆಯನ್ನು ಆಯೋಜಿಸಲಾಗಿತ್ತು. ಇತ್ತೀಚೆಗೆ ಕಾಶ್ಮೀರ ಜಿಲ್ಲೆಯ ಪಹಲ್ಗಾಮ್ ಸರ್ಕಾರಿ ಶಾಲೆಯಲ್ಲಿ ನಡೆದ ತಿರಂಗಾ ಯಾತ್ರೆಯಲ್ಲಿ ಶಾಲಾ ವಿದ್ಯಾರ್ಥಿಗಳು, ಶಿಕ್ಷಕರು ಹಾಗೂ ಸ್ಥಳೀಯರು ಭಾಗವಹಿಸಿದ್ದರು. ಸೇನೆ ಮತ್ತು ಪೊಲೀಸರ ಸಹಯೋಗದೊಂದಿಗೆ ಯಾತ್ರೆಯನ್ನು ಆಯೋಜಿಸಲಾಗಿತ್ತು. 400 ಮೀಟರ್ ಉದ್ದದ
ಪಾಲ್ಗೊಂಡಿದ್ದರು. ಕಾರ್ಯಕ್ರಮದಲ್ಲಿ ಸಚಿವರು ಸರ್ದಾರ್ ಫಾರೂಕ್ ಅಹ್ಮದ್ ಗನೀ ಚಾಲನೆ ನೀಡಿದರು. ಈ ತಿರಂಗ ಯಾತ್ರೆಯು ವೃತ್ತ ಅಥವಾ ಸಿದ್ಧಾಂತಕ್ಕೆ ಸೀಮಿತವಾಗಿಲ್ಲ. ಇದು ಸರಿಸಾಟಿ ಸ್ವರಾಜ್ಯ ಸಾಮಾಜಿಕ ಏಕತೆಯ ಸಂದೇಶ ಸಾರುತ್ತದೆ. ಈ ಯಾತ್ರೆಯ ಸ್ವೀಕಾರ ಹಾಗೂ ಬಲಿದಾನಕ್ಕೆ ಗೌರವ ಕೂಡ ಆಗಿದೆ.
ಸ್ವಾತಂತ್ರ್ಯಕ್ಕಾಗಿ ಬದುಕುತ್ತಿರುವ ಯೋಧರಿಗೆ ಇದೊಂದು ಹೆಮ್ಮೆಯ ಕ್ಷಣವಾಗಿದೆ. ಇದರಲ್ಲಿ ಇಲ್ಲೊಂದು ನಾವು ನಮ್ಮ ಭಾರತವನ್ನು ಪ್ರೀತಿಸುತ್ತೇವೆ ಎಂಬ ಸಂದೇಶ ಸಾರಲಾಗಿದೆ. ರಾಷ್ಟ್ರದ ಪ್ರತಿಯೊಬ್ಬರೂ ತಮ್ಮ ಮಕ್ಕಳು ತಮ್ಮ ಪ್ರೀತಿಯ ಹಿರಿಯರನ್ನು ಗೌರವಿಸುವ ಹಾಗೆ ಭಾರತ ಮಾತೆಯನ್ನು ಗೌರವಿಸಬೇಕು. ನಾವು ಹೆಮ್ಮೆಯ ತಾಯಿ ಎಂದು ಬಿರುದನ್ನು ನೀಡಿದ್ದೇವೆ ಎಂದು ಹೇಳಿದರು. ನಾವು ಈ ಯೋಧರಿಗೆ ತಿರಂಗ ಹಿಡಿದು, ಮಾತೆ (ಅದಿತಿ) ಎಂಬ ಮೂಲಕ ಅಷ್ಟೇ ಅಲ್ಲದೆ ಭಾರತದ ಮೂಲಕ ಗೌರವ ಸಲ್ಲಿಸುತ್ತಿದ್ದೇವೆ. ಸ್ವಾತಂತ್ರ್ಯಕ್ಕಾಗಿ ನಮ್ಮನ್ನು ಬಿಟ್ಟು ಹೋದವರಿಗೆ ಮತ್ತು ಅವರಿಗೆ ನಮ್ಮ ನಮನ ಸಲ್ಲಿಸುತ್ತೇವೆ ಎಂದರು. ಭಾರತದ ಪ್ರತಿಯೊಬ್ಬ ಪ್ರಜೆಯೂ ವೈವಿಧ್ಯತೆಯಲ್ಲಿ ಏಕತೆ ಸಾರುತ್ತಿದ್ದಾರೆ. ಹಬ್ಬದ ಸಂಭ್ರಮದಲ್ಲಿ ಪಾಲ್ಗೊಳ್ಳಬೇಕು ಎಂದು ಕರೆ ನೀಡಿದರು. ದೇಶದ ಪ್ರತಿ ಮನೆಯಲ್ಲೂ ಧ್ವಜ ಹಾರಾಡಬೇಕು ಎಂದು ಹೇಳಿದರು.
